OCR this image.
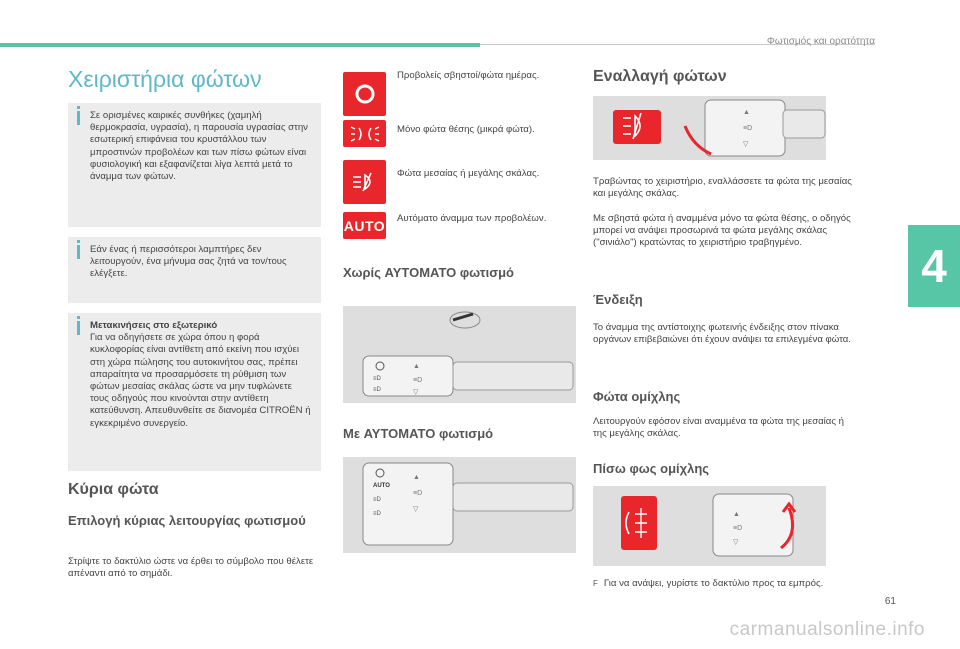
Φωτισμός και ορατότητα
4
Χειριστήρια φώτων
Σε ορισμένες καιρικές συνθήκες (χαμηλή θερμοκρασία, υγρασία), η παρουσία υγρασίας στην εσωτερική επιφάνεια του κρυστάλλου των μπροστινών προβολέων και των πίσω φώτων είναι φυσιολογική και εξαφανίζεται λίγα λεπτά μετά το άναμμα των φώτων.
Εάν ένας ή περισσότεροι λαμπτήρες δεν λειτουργούν, ένα μήνυμα σας ζητά να τον/τους ελέγξετε.
Μετακινήσεις στο εξωτερικό
Για να οδηγήσετε σε χώρα όπου η φορά κυκλοφορίας είναι αντίθετη από εκείνη που ισχύει στη χώρα πώλησης του αυτοκινήτου σας, πρέπει απαραίτητα να προσαρμόσετε τη ρύθμιση των φώτων μεσαίας σκάλας ώστε να μην τυφλώνετε τους οδηγούς που κινούνται στην αντίθετη κατεύθυνση. Απευθυνθείτε σε διανομέα CITROËN ή εγκεκριμένο συνεργείο.
Κύρια φώτα
Επιλογή κύριας λειτουργίας φωτισμού
Στρίψτε το δακτύλιο ώστε να έρθει το σύμβολο που θέλετε απέναντι από το σημάδι.
Προβολείς σβηστοί/φώτα ημέρας.
Μόνο φώτα θέσης (μικρά φώτα).
Φώτα μεσαίας ή μεγάλης σκάλας.
AUTO Αυτόματο άναμμα των προβολέων.
Χωρίς AYTOMATO φωτισμό
≡D
≡D
▲
≡D
▽
Με AYTOMATO φωτισμό
AUTO
≡D
≡D
▲
≡D
▽
Εναλλαγή φώτων
▲
≡D
▽
Τραβώντας το χειριστήριο, εναλλάσσετε τα φώτα της μεσαίας και μεγάλης σκάλας.
Με σβηστά φώτα ή αναμμένα μόνο τα φώτα θέσης, ο οδηγός μπορεί να ανάψει προσωρινά τα φώτα μεγάλης σκάλας ("σινιάλο") κρατώντας το χειριστήριο τραβηγμένο.
Ένδειξη
Το άναμμα της αντίστοιχης φωτεινής ένδειξης στον πίνακα οργάνων επιβεβαιώνει ότι έχουν ανάψει τα επιλεγμένα φώτα.
Φώτα ομίχλης
Λειτουργούν εφόσον είναι αναμμένα τα φώτα της μεσαίας ή της μεγάλης σκάλας.
Πίσω φως ομίχλης
▲
≡D
▽
F Για να ανάψει, γυρίστε το δακτύλιο προς τα εμπρός.
61
carmanualsonline.info
